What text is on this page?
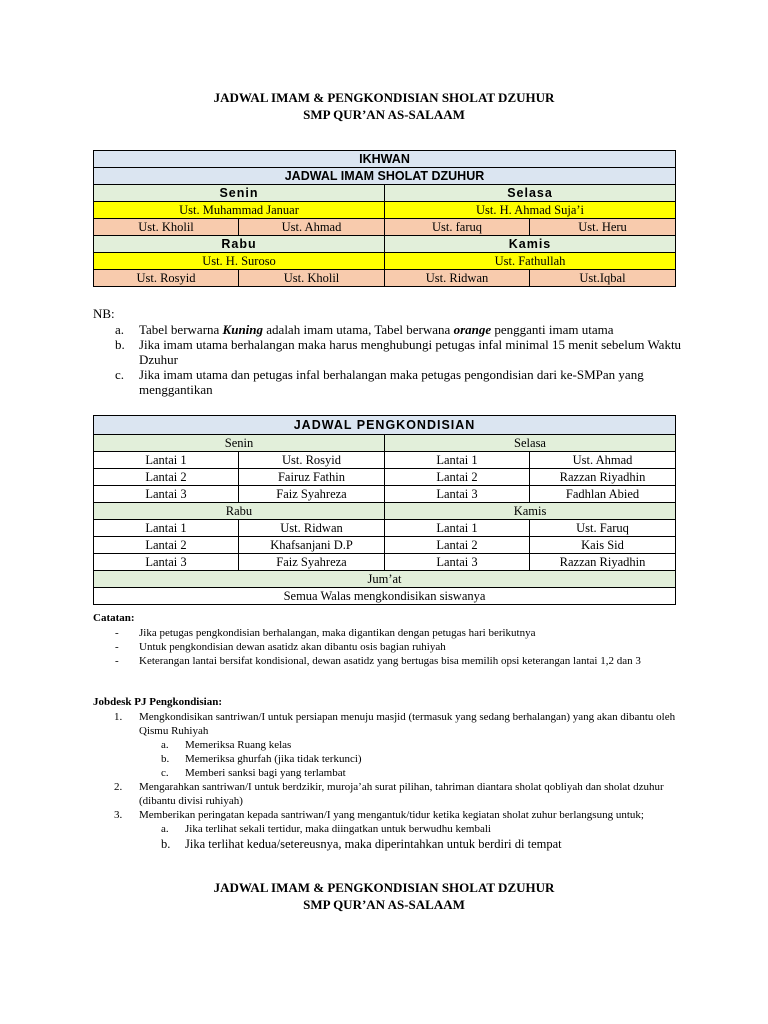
JADWAL IMAM & PENGKONDISIAN SHOLAT DZUHUR
SMP QUR’AN AS-SALAAM
IKHWAN			
JADWAL IMAM SHOLAT DZUHUR			
Senin		Selasa	
Ust. Muhammad Januar		Ust. H. Ahmad Suja’i	
Ust. Kholil	Ust. Ahmad	Ust. faruq	Ust. Heru
Rabu		Kamis	
Ust. H. Suroso		Ust. Fathullah	
Ust. Rosyid	Ust. Kholil	Ust. Ridwan	Ust.Iqbal
NB:
a. Tabel berwarna Kuning adalah imam utama, Tabel berwana orange pengganti imam utama
b. Jika imam utama berhalangan maka harus menghubungi petugas infal minimal 15 menit sebelum Waktu Dzuhur
c. Jika imam utama dan petugas infal berhalangan maka petugas pengondisian dari ke-SMPan yang menggantikan
JADWAL PENGKONDISIAN			
Senin		Selasa	
Lantai 1	Ust. Rosyid	Lantai 1	Ust. Ahmad
Lantai 2	Fairuz Fathin	Lantai 2	Razzan Riyadhin
Lantai 3	Faiz Syahreza	Lantai 3	Fadhlan Abied
Rabu		Kamis	
Lantai 1	Ust. Ridwan	Lantai 1	Ust. Faruq
Lantai 2	Khafsanjani D.P	Lantai 2	Kais Sid
Lantai 3	Faiz Syahreza	Lantai 3	Razzan Riyadhin
Jum’at			
Semua Walas mengkondisikan siswanya			
Catatan:
- Jika petugas pengkondisian berhalangan, maka digantikan dengan petugas hari berikutnya
- Untuk pengkondisian dewan asatidz akan dibantu osis bagian ruhiyah
- Keterangan lantai bersifat kondisional, dewan asatidz yang bertugas bisa memilih opsi keterangan lantai 1,2 dan 3
Jobdesk PJ Pengkondisian:
1. Mengkondisikan santriwan/I untuk persiapan menuju masjid (termasuk yang sedang berhalangan) yang akan dibantu oleh Qismu Ruhiyah
a. Memeriksa Ruang kelas
b. Memeriksa ghurfah (jika tidak terkunci)
c. Memberi sanksi bagi yang terlambat
2. Mengarahkan santriwan/I untuk berdzikir, muroja’ah surat pilihan, tahriman diantara sholat qobliyah dan sholat dzuhur (dibantu divisi ruhiyah)
3. Memberikan peringatan kepada santriwan/I yang mengantuk/tidur ketika kegiatan sholat zuhur berlangsung untuk;
a. Jika terlihat sekali tertidur, maka diingatkan untuk berwudhu kembali
b. Jika terlihat kedua/setereusnya, maka diperintahkan untuk berdiri di tempat
JADWAL IMAM & PENGKONDISIAN SHOLAT DZUHUR
SMP QUR’AN AS-SALAAM
